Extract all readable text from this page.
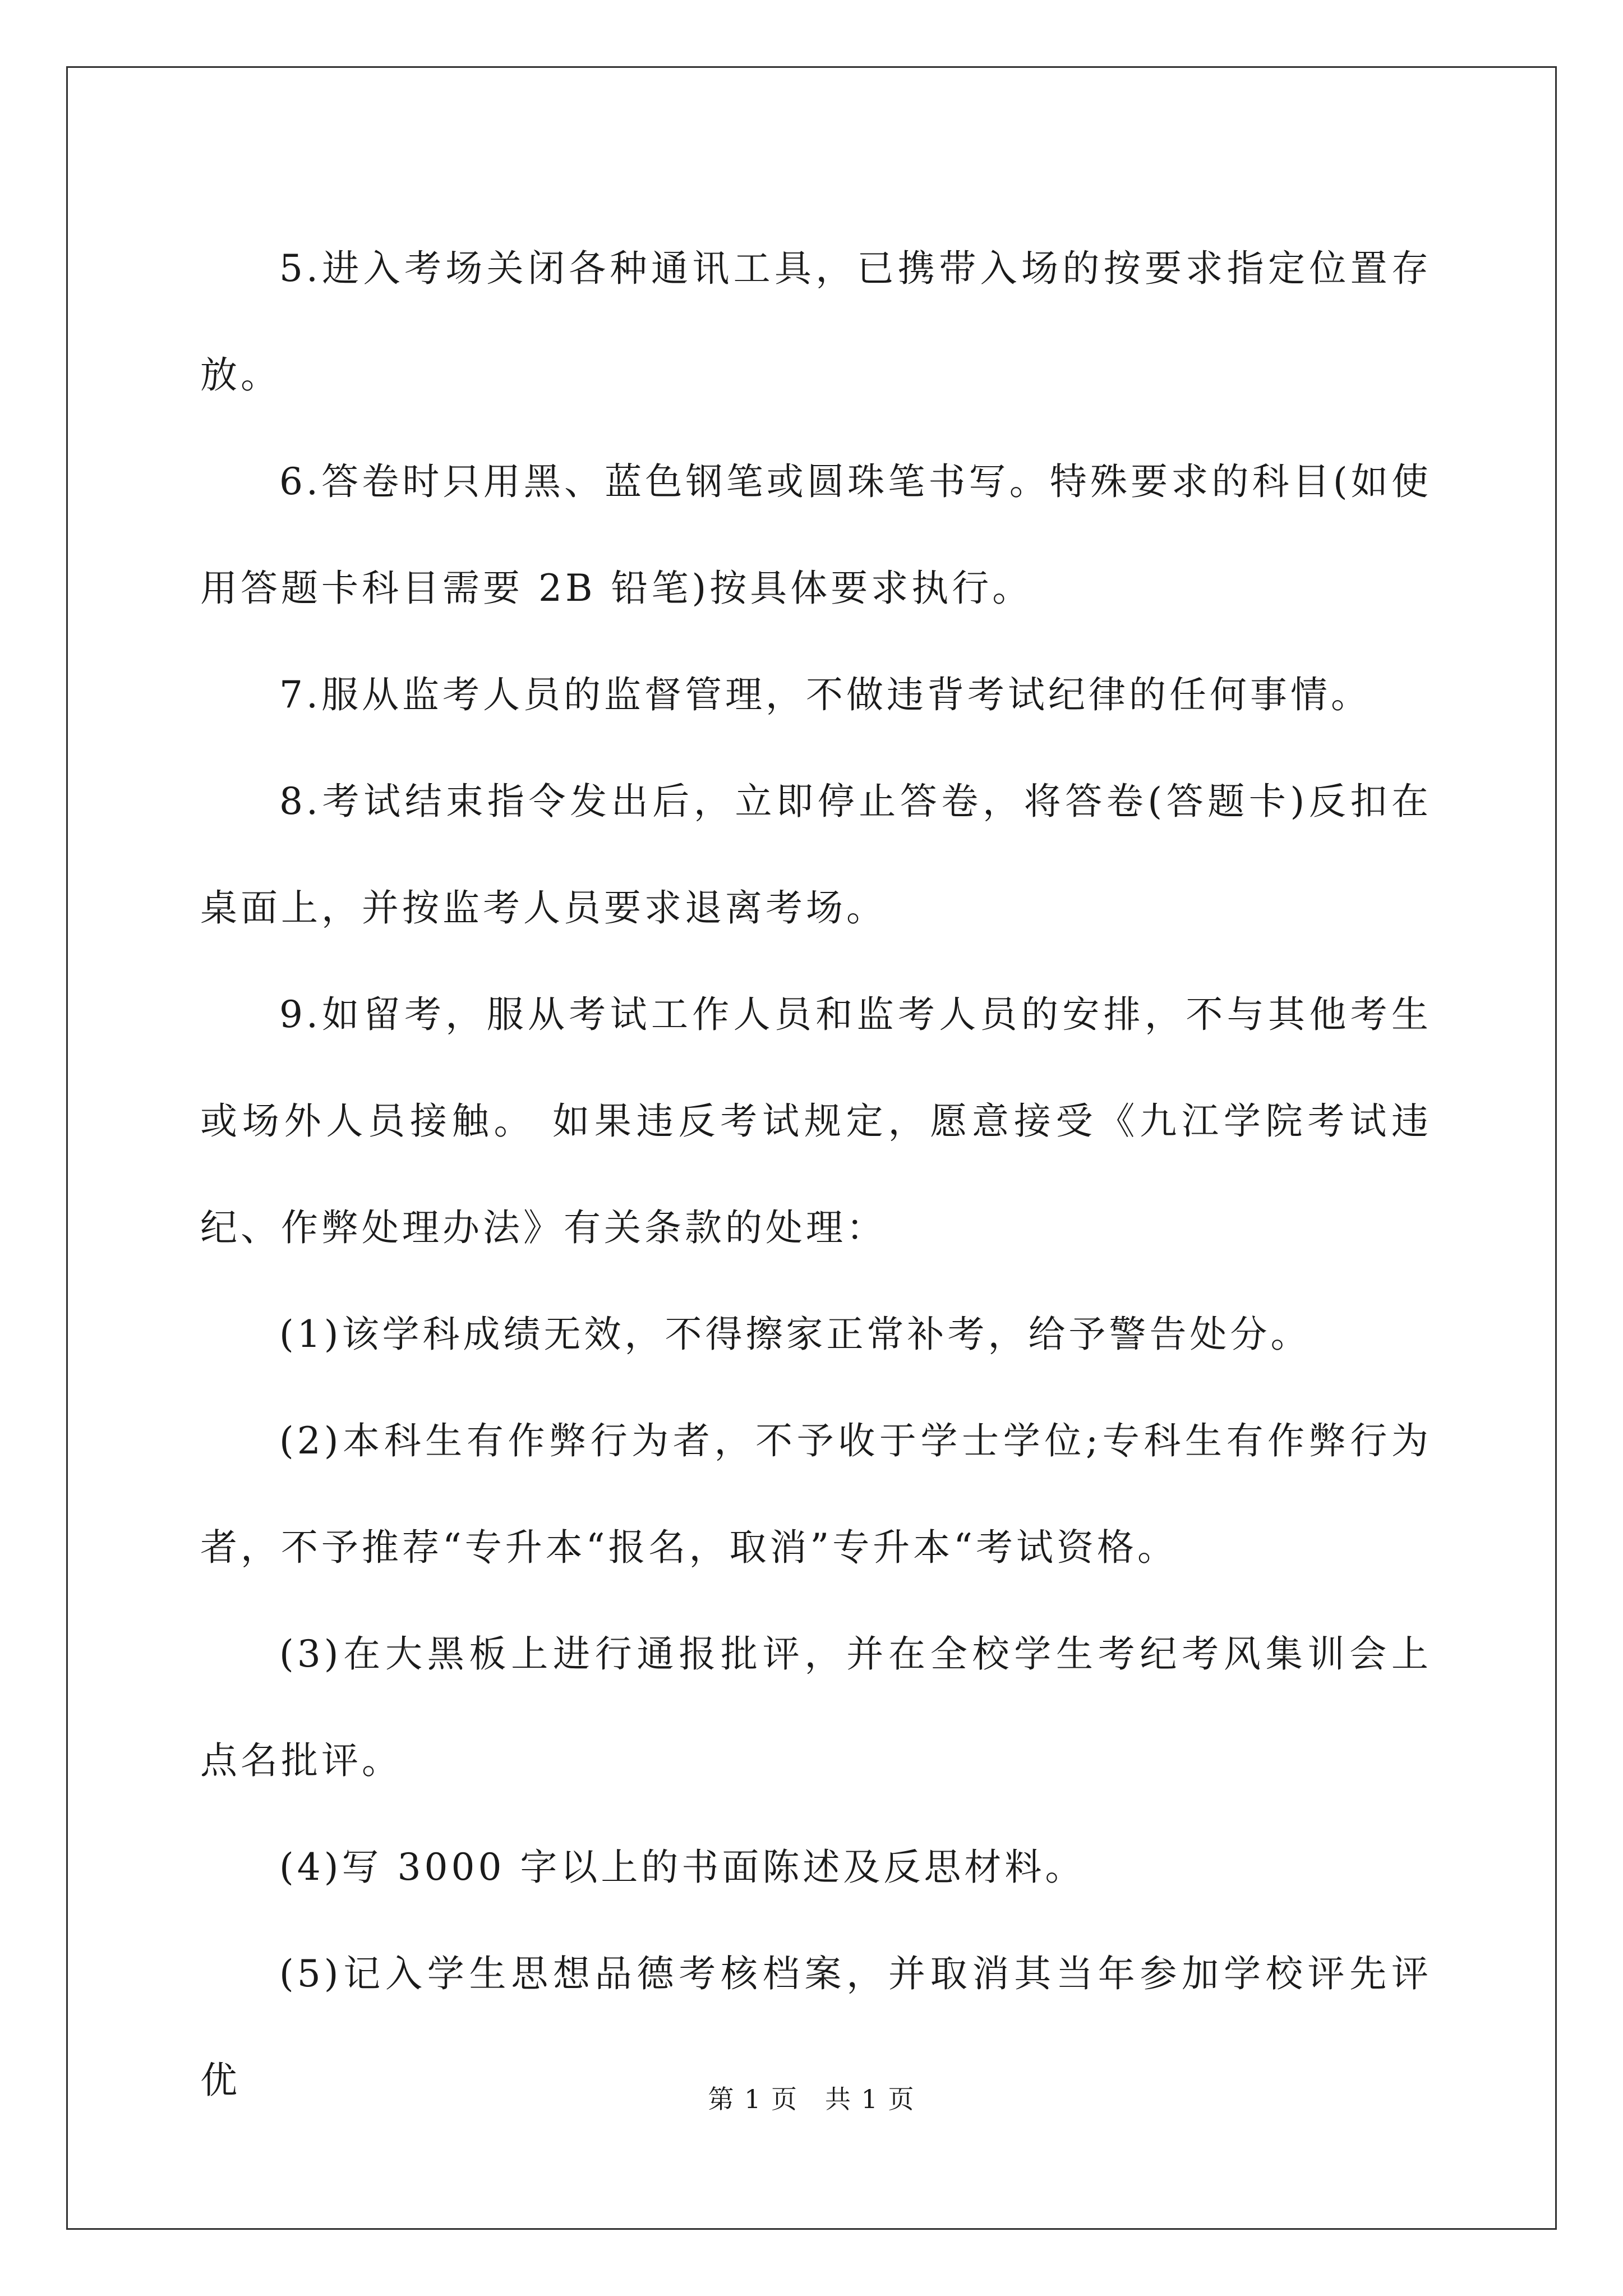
5.进入考场关闭各种通讯工具，已携带入场的按要求指定位置存放。

6.答卷时只用黑、蓝色钢笔或圆珠笔书写。特殊要求的科目(如使用答题卡科目需要 2B 铅笔)按具体要求执行。

7.服从监考人员的监督管理，不做违背考试纪律的任何事情。

8.考试结束指令发出后，立即停止答卷，将答卷(答题卡)反扣在桌面上，并按监考人员要求退离考场。

9.如留考，服从考试工作人员和监考人员的安排，不与其他考生或场外人员接触。 如果违反考试规定，愿意接受《九江学院考试违纪、作弊处理办法》有关条款的处理：

(1)该学科成绩无效，不得擦家正常补考，给予警告处分。

(2)本科生有作弊行为者，不予收于学士学位;专科生有作弊行为者，不予推荐“专升本“报名，取消”专升本“考试资格。

(3)在大黑板上进行通报批评，并在全校学生考纪考风集训会上点名批评。

(4)写 3000 字以上的书面陈述及反思材料。

(5)记入学生思想品德考核档案，并取消其当年参加学校评先评优	第 1 页 共 1 页
